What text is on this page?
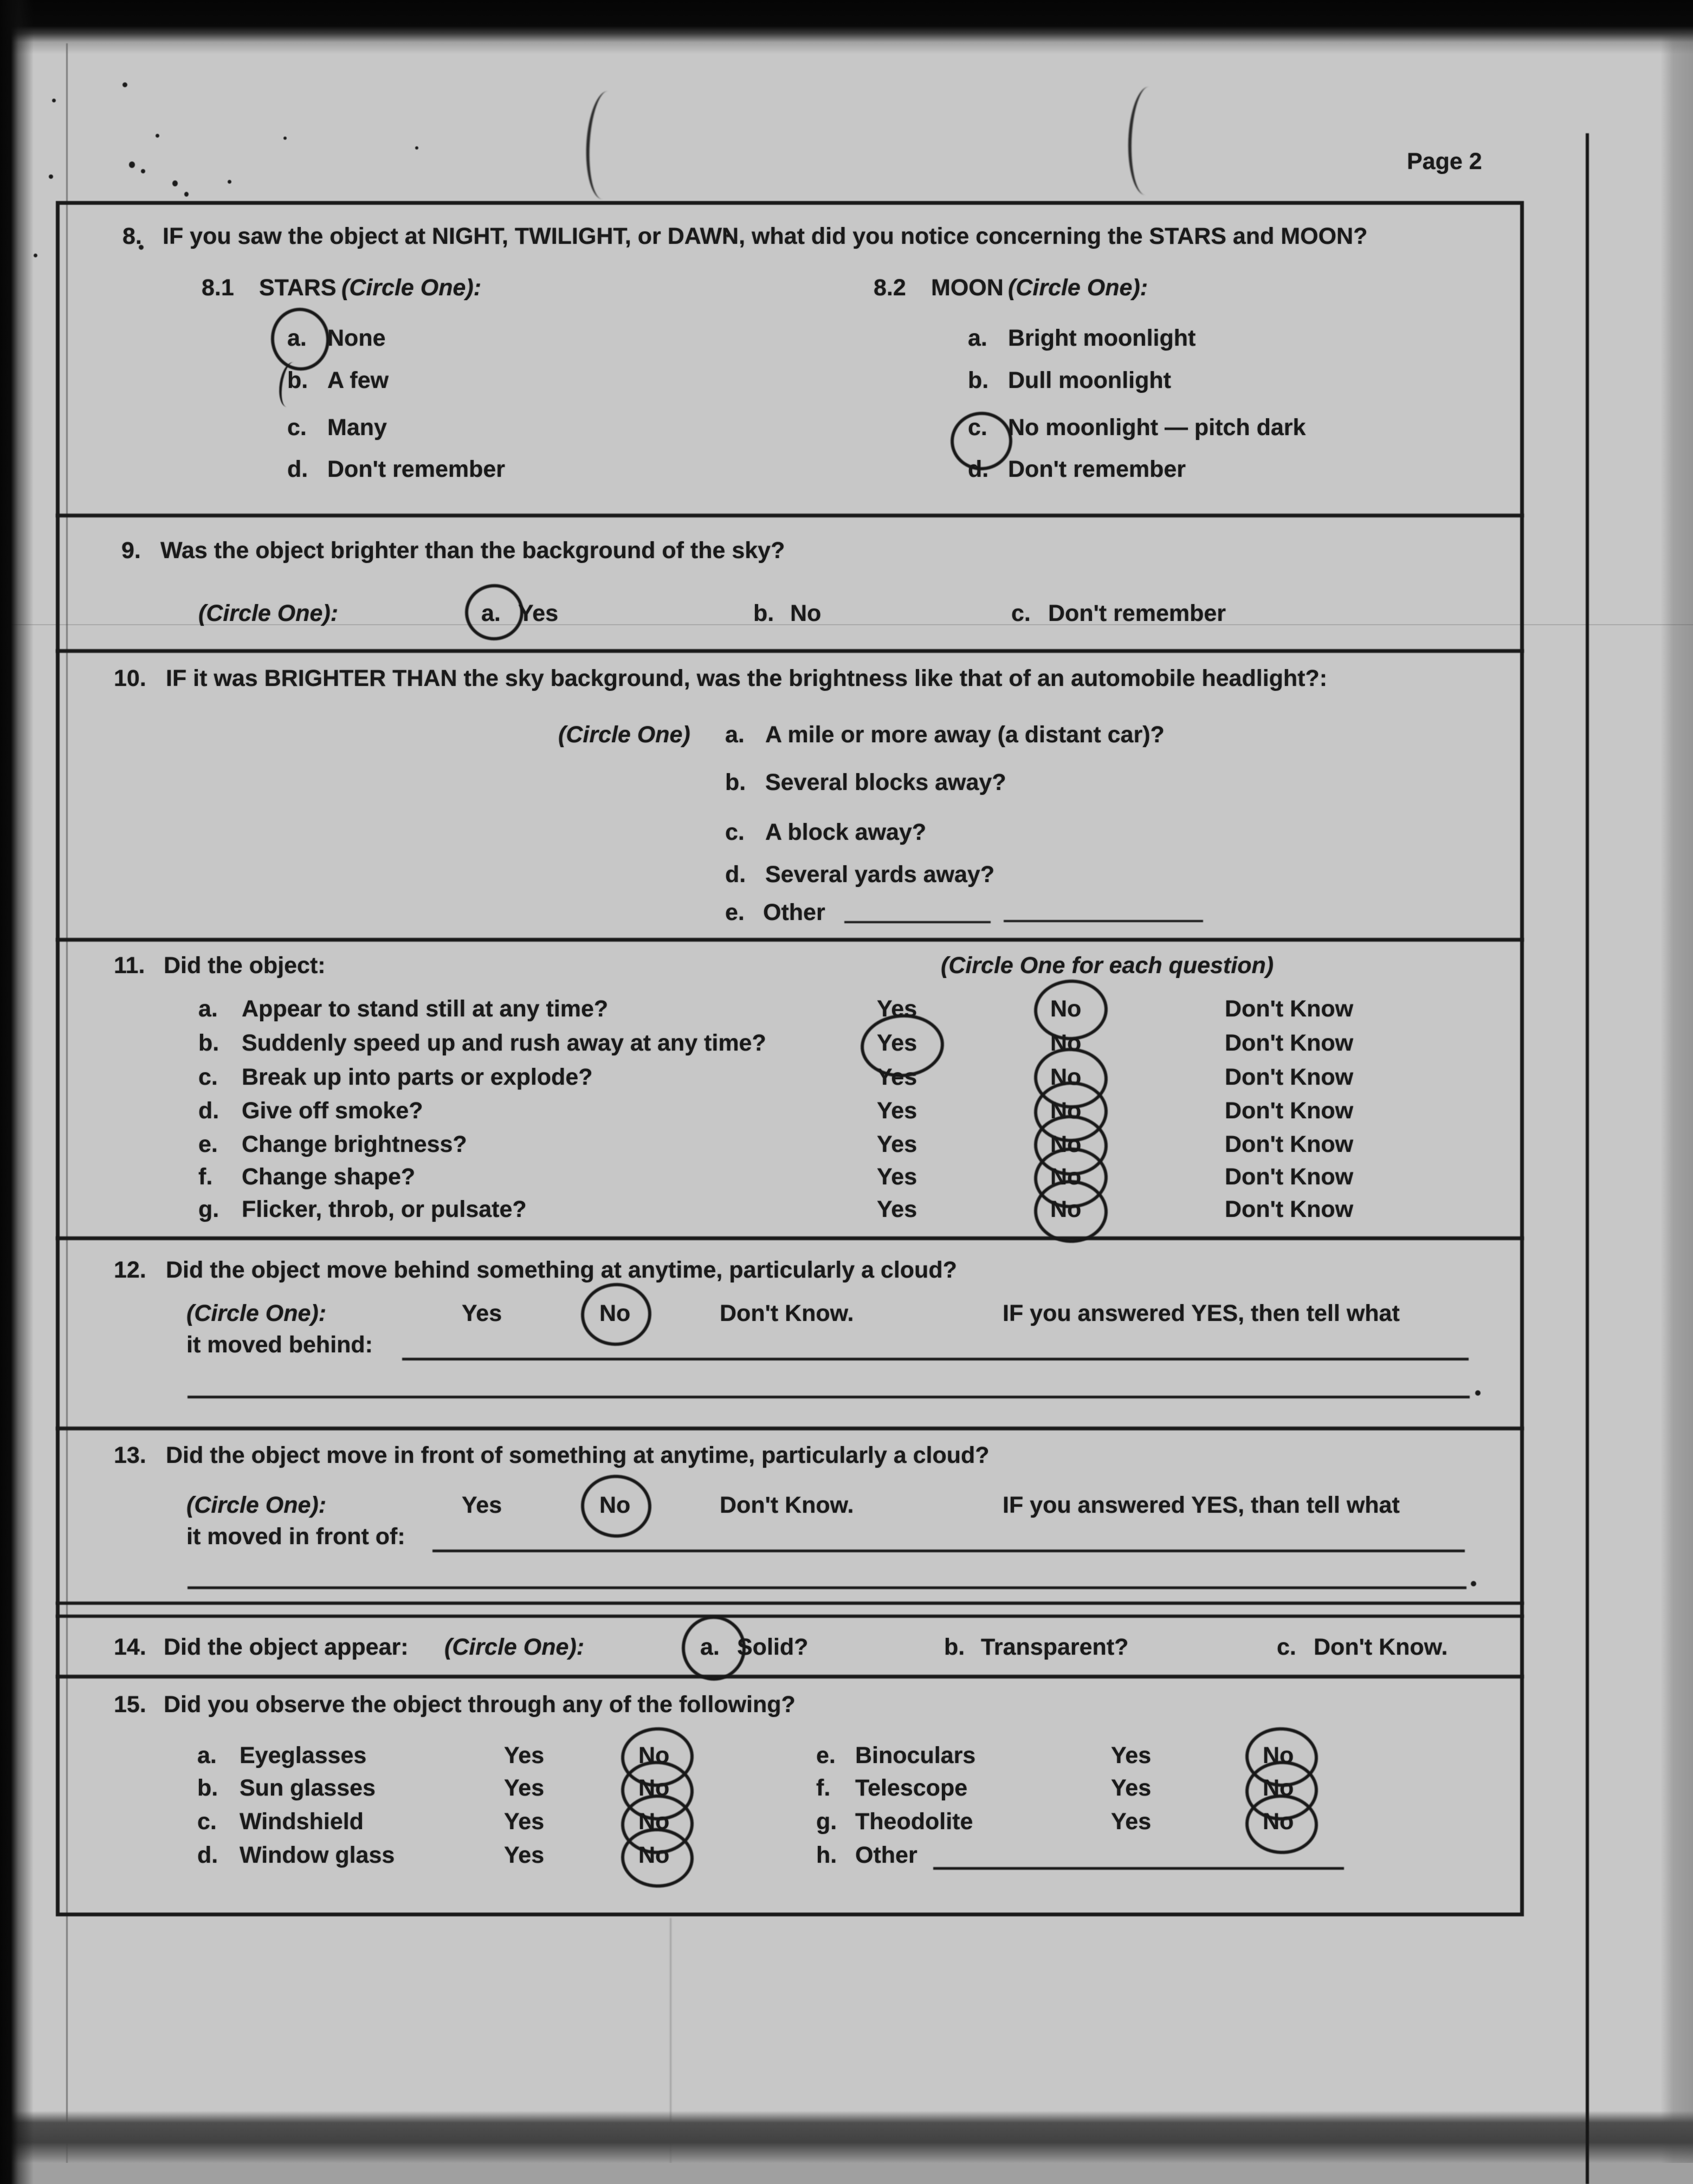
Page 2
8. IF you saw the object at NIGHT, TWILIGHT, or DAWN, what did you notice concerning the STARS and MOON?
8.1 STARS (Circle One):	8.2 MOON (Circle One):
a. None
b. A few
c. Many
d. Don't remember
a. Bright moonlight
b. Dull moonlight
c. No moonlight — pitch dark
d. Don't remember
9. Was the object brighter than the background of the sky?
(Circle One):	a. Yes	b. No	c. Don't remember
10. IF it was BRIGHTER THAN the sky background, was the brightness like that of an automobile headlight?:
(Circle One) a. A mile or more away (a distant car)?
b. Several blocks away?
c. A block away?
d. Several yards away?
e. Other
11. Did the object:	(Circle One for each question)
a. Appear to stand still at any time?	Yes	No	Don't Know
b. Suddenly speed up and rush away at any time?	Yes	No	Don't Know
c. Break up into parts or explode?	Yes	No	Don't Know
d. Give off smoke?	Yes	No	Don't Know
e. Change brightness?	Yes	No	Don't Know
f. Change shape?	Yes	No	Don't Know
g. Flicker, throb, or pulsate?	Yes	No	Don't Know
12. Did the object move behind something at anytime, particularly a cloud?
(Circle One):	Yes	No	Don't Know.	IF you answered YES, then tell what
it moved behind:
13. Did the object move in front of something at anytime, particularly a cloud?
(Circle One):	Yes	No	Don't Know.	IF you answered YES, than tell what
it moved in front of:
14. Did the object appear: (Circle One):	a. Solid?	b. Transparent?	c. Don't Know.
15. Did you observe the object through any of the following?
a. Eyeglasses	Yes	No
b. Sun glasses	Yes	No
c. Windshield	Yes	No
d. Window glass	Yes	No
e. Binoculars	Yes	No
f. Telescope	Yes	No
g. Theodolite	Yes	No
h. Other
